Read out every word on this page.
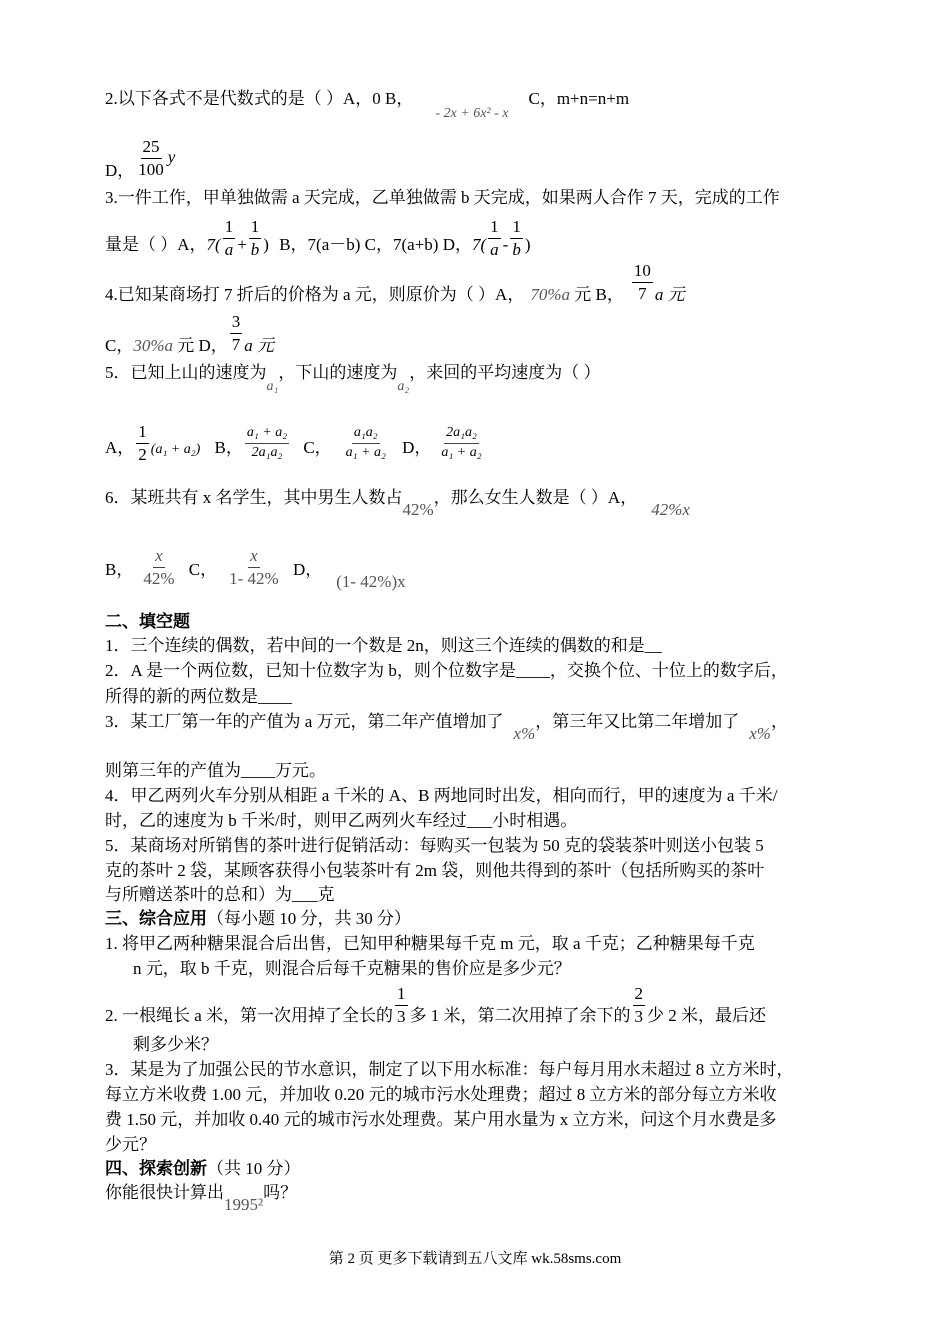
2.以下各式不是代数式的是（ ）A，0 B，$_{- 2x + 6x^2 - x}$C，m+n=n+m
D， $\frac{25}{100}$ y
3.一件工作，甲单独做需 a 天完成，乙单独做需 b 天完成，如果两人合作 7 天，完成的工作
量是（ ）A，$7( \frac{1}{a} + \frac{1}{b}$ ) B，7(a－b) C，7(a+b) D，$7( \frac{1}{a} - \frac{1}{b}$ )
4.已知某商场打 7 折后的价格为 a 元，则原价为（ ）A， 70%a 元 B， $\frac{10}{7}$ a 元
C，30%a 元 D， $\frac{3}{7}$ a 元
5．已知上山的速度为$_{a_1}$，下山的速度为$_{a_2}$，来回的平均速度为（ ）
A， $\frac{1}{2} _{(a_1 + a_2)}$ B， $\frac{\text{a₁ + a₂}}{\text{2a₁a₂}}$ C， $\frac{\text{a₁a₂}}{\text{a₁ + a₂}}$ D， $\frac{\text{2a₁a₂}}{\text{a₁ + a₂}}$
6．某班共有 x 名学生，其中男生人数占42%，那么女生人数是（ ）A，42%x
B， $\frac{x}{42\%}$ C， $\frac{x}{1- 42\%}$ D，(1- 42%)x
二、填空题
1．三个连续的偶数，若中间的一个数是 2n，则这三个连续的偶数的和是__
2．A 是一个两位数，已知十位数字为 b，则个位数字是____，交换个位、十位上的数字后，
所得的新的两位数是____
3．某工厂第一年的产值为 a 万元，第二年产值增加了x%，第三年又比第二年增加了x%，
则第三年的产值为____万元。
4．甲乙两列火车分别从相距 a 千米的 A、B 两地同时出发，相向而行，甲的速度为 a 千米/
时，乙的速度为 b 千米/时，则甲乙两列火车经过___小时相遇。
5．某商场对所销售的茶叶进行促销活动：每购买一包装为 50 克的袋装茶叶则送小包装 5
克的茶叶 2 袋，某顾客获得小包装茶叶有 2m 袋，则他共得到的茶叶（包括所购买的茶叶
与所赠送茶叶的总和）为___克
三、综合应用（每小题 10 分，共 30 分）
1. 将甲乙两种糖果混合后出售，已知甲种糖果每千克 m 元，取 a 千克；乙种糖果每千克
n 元，取 b 千克，则混合后每千克糖果的售价应是多少元？
2. 一根绳长 a 米，第一次用掉了全长的 $\frac{1}{3}$ 多 1 米，第二次用掉了余下的 $\frac{2}{3}$ 少 2 米，最后还
剩多少米？
3．某是为了加强公民的节水意识，制定了以下用水标准：每户每月用水未超过 8 立方米时，
每立方米收费 1.00 元，并加收 0.20 元的城市污水处理费；超过 8 立方米的部分每立方米收
费 1.50 元，并加收 0.40 元的城市污水处理费。某户用水量为 x 立方米，问这个月水费是多
少元？
四、探索创新（共 10 分）
你能很快计算出1995²吗？
第 2 页 更多下载请到五八文库 wk.58sms.com
